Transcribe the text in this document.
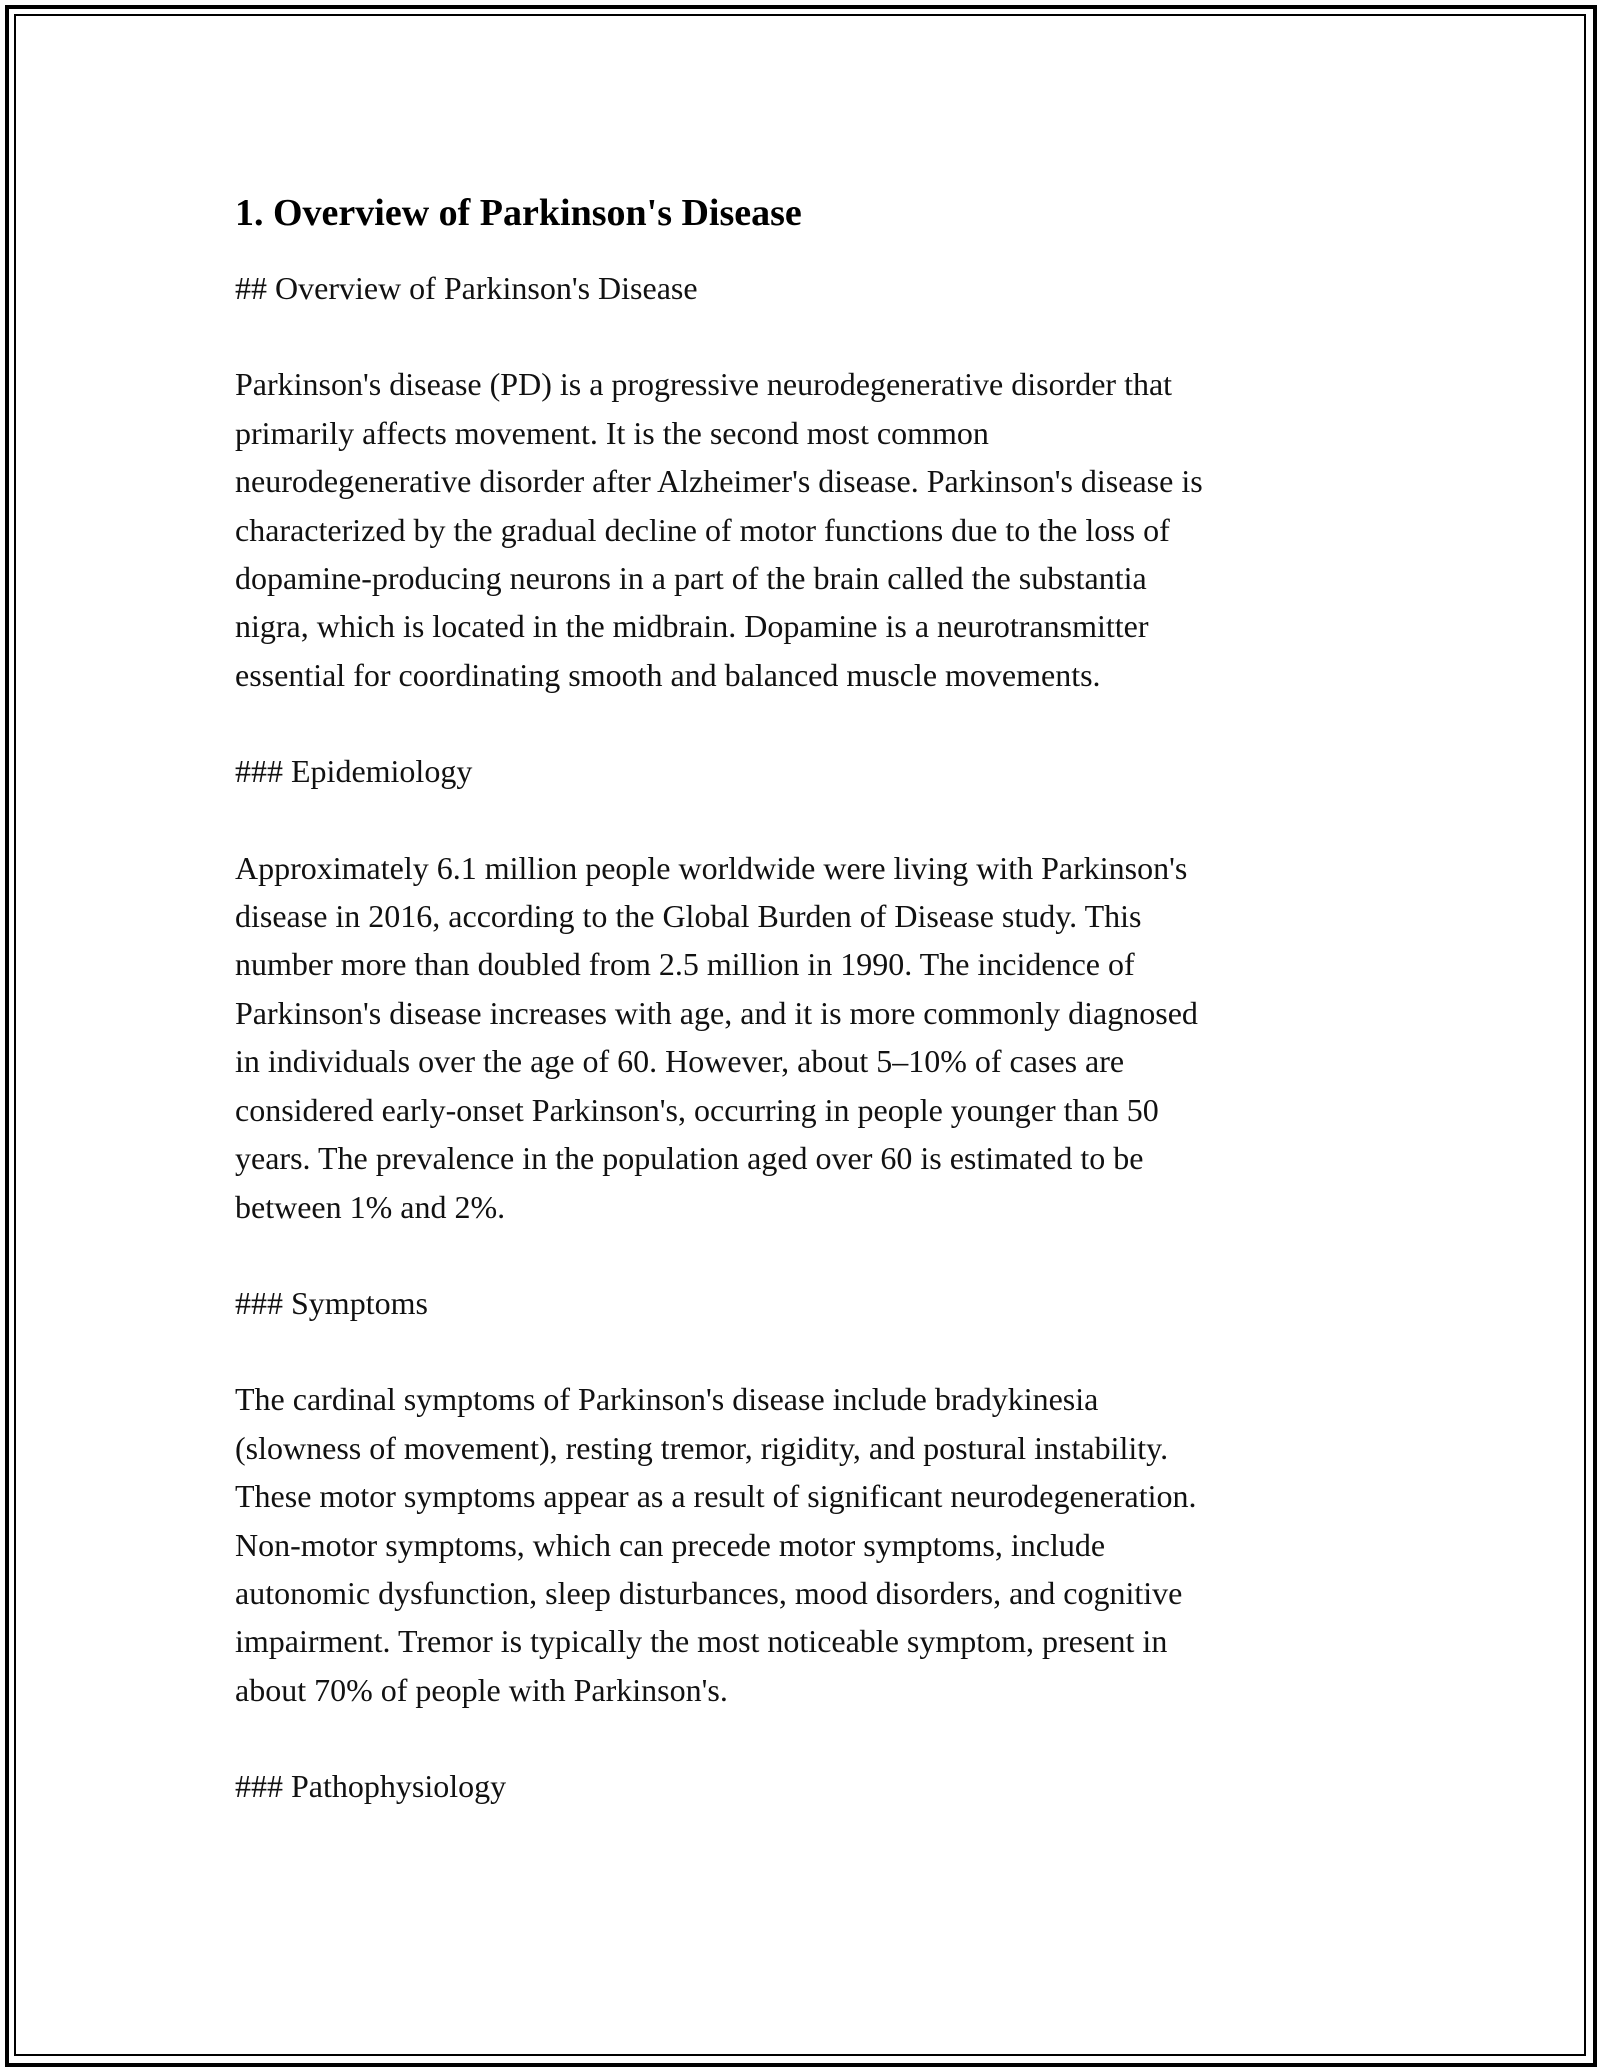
1. Overview of Parkinson's Disease

## Overview of Parkinson's Disease

Parkinson's disease (PD) is a progressive neurodegenerative disorder that
primarily affects movement. It is the second most common
neurodegenerative disorder after Alzheimer's disease. Parkinson's disease is
characterized by the gradual decline of motor functions due to the loss of
dopamine-producing neurons in a part of the brain called the substantia
nigra, which is located in the midbrain. Dopamine is a neurotransmitter
essential for coordinating smooth and balanced muscle movements.

### Epidemiology

Approximately 6.1 million people worldwide were living with Parkinson's
disease in 2016, according to the Global Burden of Disease study. This
number more than doubled from 2.5 million in 1990. The incidence of
Parkinson's disease increases with age, and it is more commonly diagnosed
in individuals over the age of 60. However, about 5–10% of cases are
considered early-onset Parkinson's, occurring in people younger than 50
years. The prevalence in the population aged over 60 is estimated to be
between 1% and 2%.

### Symptoms

The cardinal symptoms of Parkinson's disease include bradykinesia
(slowness of movement), resting tremor, rigidity, and postural instability.
These motor symptoms appear as a result of significant neurodegeneration.
Non-motor symptoms, which can precede motor symptoms, include
autonomic dysfunction, sleep disturbances, mood disorders, and cognitive
impairment. Tremor is typically the most noticeable symptom, present in
about 70% of people with Parkinson's.

### Pathophysiology
